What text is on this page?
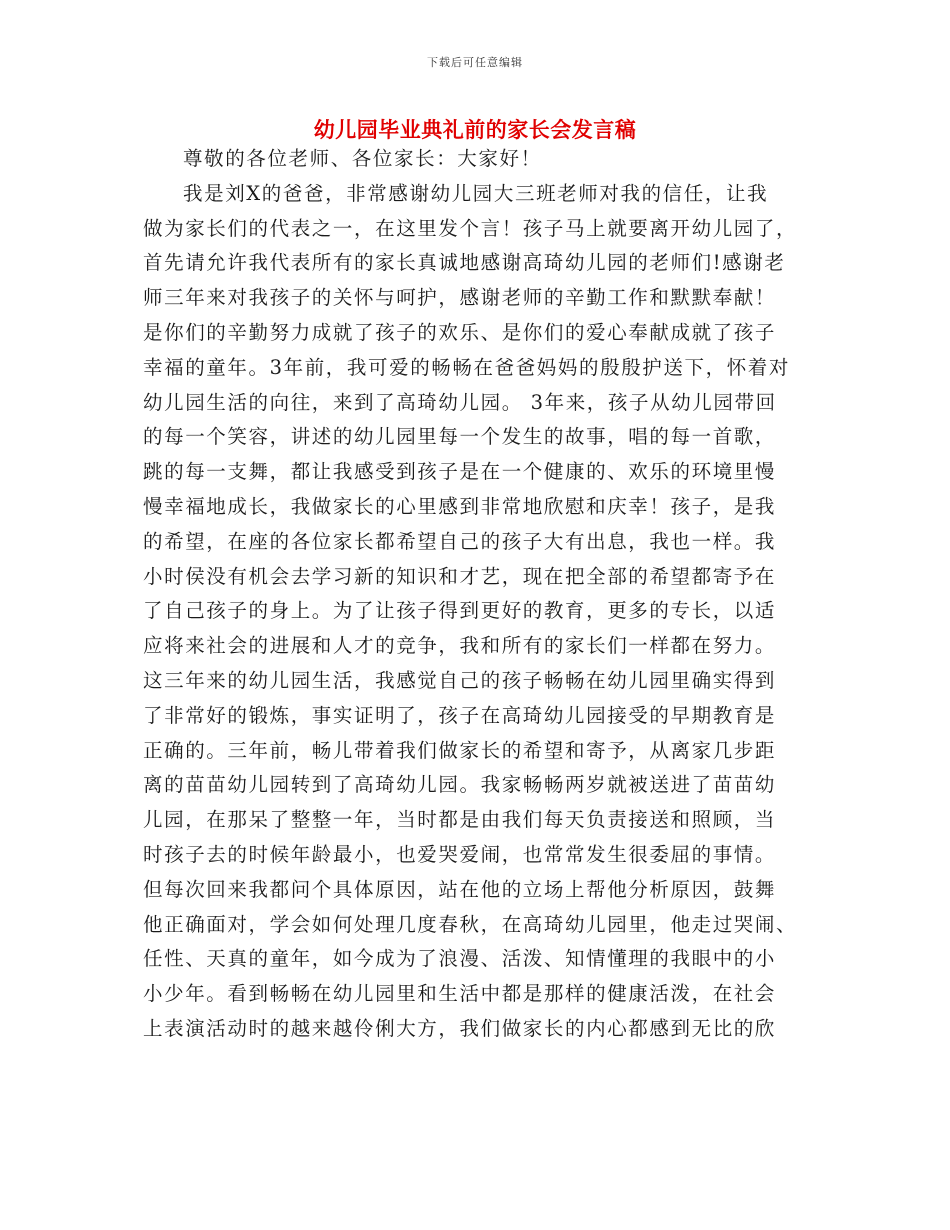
下载后可任意编辑
幼儿园毕业典礼前的家长会发言稿
尊敬的各位老师、各位家长：大家好！
我是刘X的爸爸，非常感谢幼儿园大三班老师对我的信任，让我
做为家长们的代表之一，在这里发个言！孩子马上就要离开幼儿园了，
首先请允许我代表所有的家长真诚地感谢高琦幼儿园的老师们!感谢老
师三年来对我孩子的关怀与呵护，感谢老师的辛勤工作和默默奉献！
是你们的辛勤努力成就了孩子的欢乐、是你们的爱心奉献成就了孩子
幸福的童年。3年前，我可爱的畅畅在爸爸妈妈的殷殷护送下，怀着对
幼儿园生活的向往，来到了高琦幼儿园。 3年来，孩子从幼儿园带回
的每一个笑容，讲述的幼儿园里每一个发生的故事，唱的每一首歌，
跳的每一支舞，都让我感受到孩子是在一个健康的、欢乐的环境里慢
慢幸福地成长，我做家长的心里感到非常地欣慰和庆幸！孩子，是我
的希望，在座的各位家长都希望自己的孩子大有出息，我也一样。我
小时侯没有机会去学习新的知识和才艺，现在把全部的希望都寄予在
了自己孩子的身上。为了让孩子得到更好的教育，更多的专长，以适
应将来社会的进展和人才的竞争，我和所有的家长们一样都在努力。
这三年来的幼儿园生活，我感觉自己的孩子畅畅在幼儿园里确实得到
了非常好的锻炼，事实证明了，孩子在高琦幼儿园接受的早期教育是
正确的。三年前，畅儿带着我们做家长的希望和寄予，从离家几步距
离的苗苗幼儿园转到了高琦幼儿园。我家畅畅两岁就被送进了苗苗幼
儿园，在那呆了整整一年，当时都是由我们每天负责接送和照顾，当
时孩子去的时候年龄最小，也爱哭爱闹，也常常发生很委屈的事情。
但每次回来我都问个具体原因，站在他的立场上帮他分析原因，鼓舞
他正确面对，学会如何处理几度春秋，在高琦幼儿园里，他走过哭闹、
任性、天真的童年，如今成为了浪漫、活泼、知情懂理的我眼中的小
小少年。看到畅畅在幼儿园里和生活中都是那样的健康活泼，在社会
上表演活动时的越来越伶俐大方，我们做家长的内心都感到无比的欣
